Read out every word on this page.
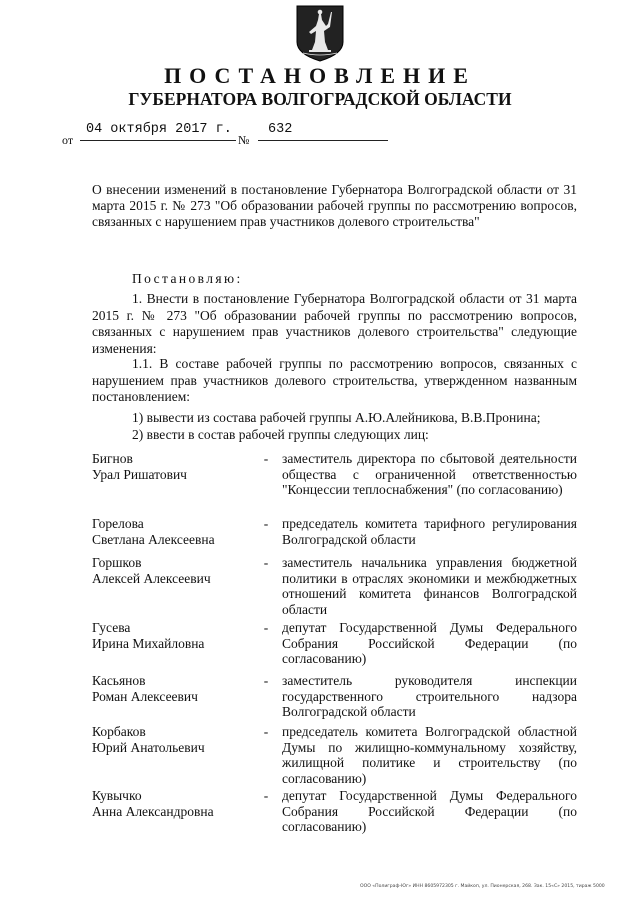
ПОСТАНОВЛЕНИЕ
ГУБЕРНАТОРА ВОЛГОГРАДСКОЙ ОБЛАСТИ
от
04 октября 2017 г.
№
632
О внесении изменений в постановление Губернатора Волгоградской области от 31 марта 2015 г. № 273 "Об образовании рабочей группы по рассмотрению вопросов, связанных с нарушением прав участников долевого строительства"
Постановляю:
1. Внести в постановление Губернатора Волгоградской области от 31 марта 2015 г. № 273 "Об образовании рабочей группы по рассмотрению вопросов, связанных с нарушением прав участников долевого строительства" следующие изменения:
1.1. В составе рабочей группы по рассмотрению вопросов, связанных с нарушением прав участников долевого строительства, утвержденном названным постановлением:
1) вывести из состава рабочей группы А.Ю.Алейникова, В.В.Пронина;
2) ввести в состав рабочей группы следующих лиц:
Бигнов
Урал Ришатович
- заместитель директора по сбытовой деятельности общества с ограниченной ответственностью "Концессии теплоснабжения" (по согласованию)
Горелова
Светлана Алексеевна
- председатель комитета тарифного регулирования Волгоградской области
Горшков
Алексей Алексеевич
- заместитель начальника управления бюджетной политики в отраслях экономики и межбюджетных отношений комитета финансов Волгоградской области
Гусева
Ирина Михайловна
- депутат Государственной Думы Федерального Собрания Российской Федерации (по согласованию)
Касьянов
Роман Алексеевич
- заместитель руководителя инспекции государственного строительного надзора Волгоградской области
Корбаков
Юрий Анатольевич
- председатель комитета Волгоградской областной Думы по жилищно-коммунальному хозяйству, жилищной политике и строительству (по согласованию)
Кувычко
Анна Александровна
- депутат Государственной Думы Федерального Собрания Российской Федерации (по согласованию)
ООО «Полиграф-Юг» ИНН 8605972305 г. Майкоп, ул. Пионерская, 268. Зак. 15«С» 2015, тираж 5000
